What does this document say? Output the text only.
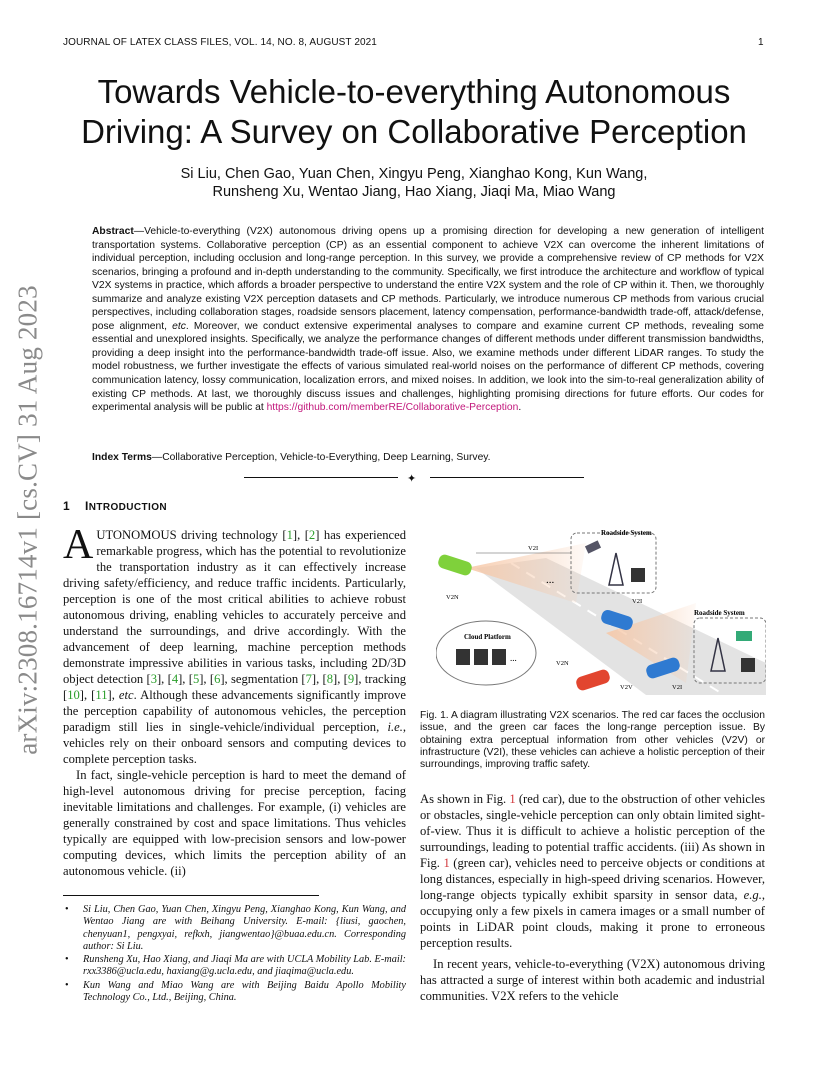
arXiv:2308.16714v1 [cs.CV] 31 Aug 2023
JOURNAL OF LATEX CLASS FILES, VOL. 14, NO. 8, AUGUST 2021	1
Towards Vehicle-to-everything Autonomous
Driving: A Survey on Collaborative Perception
Si Liu, Chen Gao, Yuan Chen, Xingyu Peng, Xianghao Kong, Kun Wang,
Runsheng Xu, Wentao Jiang, Hao Xiang, Jiaqi Ma, Miao Wang
Abstract—Vehicle-to-everything (V2X) autonomous driving opens up a promising direction for developing a new generation of intelligent transportation systems. Collaborative perception (CP) as an essential component to achieve V2X can overcome the inherent limitations of individual perception, including occlusion and long-range perception. In this survey, we provide a comprehensive review of CP methods for V2X scenarios, bringing a profound and in-depth understanding to the community. Specifically, we first introduce the architecture and workflow of typical V2X systems in practice, which affords a broader perspective to understand the entire V2X system and the role of CP within it. Then, we thoroughly summarize and analyze existing V2X perception datasets and CP methods. Particularly, we introduce numerous CP methods from various crucial perspectives, including collaboration stages, roadside sensors placement, latency compensation, performance-bandwidth trade-off, attack/defense, pose alignment, etc. Moreover, we conduct extensive experimental analyses to compare and examine current CP methods, revealing some essential and unexplored insights. Specifically, we analyze the performance changes of different methods under different transmission bandwidths, providing a deep insight into the performance-bandwidth trade-off issue. Also, we examine methods under different LiDAR ranges. To study the model robustness, we further investigate the effects of various simulated real-world noises on the performance of different CP methods, covering communication latency, lossy communication, localization errors, and mixed noises. In addition, we look into the sim-to-real generalization ability of existing CP methods. At last, we thoroughly discuss issues and challenges, highlighting promising directions for future efforts. Our codes for experimental analysis will be public at https://github.com/memberRE/Collaborative-Perception.
Index Terms—Collaborative Perception, Vehicle-to-Everything, Deep Learning, Survey.
✦
1 INTRODUCTION

AUTONOMOUS driving technology [1], [2] has experienced remarkable progress, which has the potential to revolutionize the transportation industry as it can effectively increase driving safety/efficiency, and reduce traffic incidents. Particularly, perception is one of the most critical abilities to achieve robust autonomous driving, enabling vehicles to accurately perceive and understand the surroundings, and drive accordingly. With the advancement of deep learning, machine perception methods demonstrate impressive abilities in various tasks, including 2D/3D object detection [3], [4], [5], [6], segmentation [7], [8], [9], tracking [10], [11], etc. Although these advancements significantly improve the perception capability of autonomous vehicles, the perception paradigm still lies in single-vehicle/individual perception, i.e., vehicles rely on their onboard sensors and computing devices to complete perception tasks.

In fact, single-vehicle perception is hard to meet the demand of high-level autonomous driving for precise perception, facing inevitable limitations and challenges. For example, (i) vehicles are generally constrained by cost and space limitations. Thus vehicles typically are equipped with low-precision sensors and low-power computing devices, which limits the perception ability of an autonomous vehicle. (ii)

• Si Liu, Chen Gao, Yuan Chen, Xingyu Peng, Xianghao Kong, Kun Wang, and Wentao Jiang are with Beihang University. E-mail: {liusi, gaochen, chenyuan1, pengxyai, refkxh, jiangwentao}@buaa.edu.cn. Corresponding author: Si Liu.
• Runsheng Xu, Hao Xiang, and Jiaqi Ma are with UCLA Mobility Lab. E-mail: rxx3386@ucla.edu, haxiang@g.ucla.edu, and jiaqima@ucla.edu.
• Kun Wang and Miao Wang are with Beijing Baidu Apollo Mobility Technology Co., Ltd., Beijing, China.
Roadside System
Roadside System
Cloud Platform
...
...
V2I
V2I
V2N
V2N
V2V	V2I
Fig. 1. A diagram illustrating V2X scenarios. The red car faces the occlusion issue, and the green car faces the long-range perception issue. By obtaining extra perceptual information from other vehicles (V2V) or infrastructure (V2I), these vehicles can achieve a holistic perception of their surroundings, improving traffic safety.

As shown in Fig. 1 (red car), due to the obstruction of other vehicles or obstacles, single-vehicle perception can only obtain limited sight-of-view. Thus it is difficult to achieve a holistic perception of the surroundings, leading to potential traffic accidents. (iii) As shown in Fig. 1 (green car), vehicles need to perceive objects or conditions at long distances, especially in high-speed driving scenarios. However, long-range objects typically exhibit sparsity in sensor data, e.g., occupying only a few pixels in camera images or a small number of points in LiDAR point clouds, making it prone to erroneous perception results.

In recent years, vehicle-to-everything (V2X) autonomous driving has attracted a surge of interest within both academic and industrial communities. V2X refers to the vehicle
